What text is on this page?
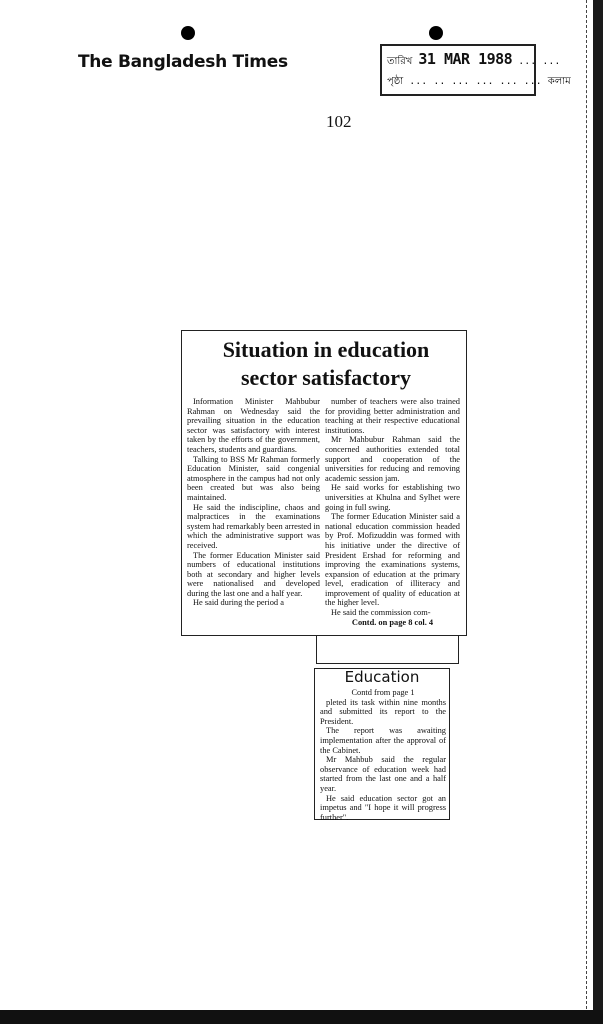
The Bangladesh Times	তারিখ 31 MAR 1988 ... ...
পৃষ্ঠা ... .. ... ... ... ... কলাম
102
Situation in education
sector satisfactory

Information Minister Mahbubur Rahman on Wednesday said the prevailing situation in the education sector was satisfactory with interest taken by the efforts of the government, teachers, students and guardians.

Talking to BSS Mr Rahman formerly Education Minister, said congenial atmosphere in the campus had not only been created but was also being maintained.

He said the indiscipline, chaos and malpractices in the examinations system had remarkably been arrested in which the administrative support was received.

The former Education Minister said numbers of educational institutions both at secondary and higher levels were nationalised and developed during the last one and a half year.

He said during the period a

number of teachers were also trained for providing better administration and teaching at their respective educational institutions.

Mr Mahbubur Rahman said the concerned authorities extended total support and cooperation of the universities for reducing and removing academic session jam.

He said works for establishing two universities at Khulna and Sylhet were going in full swing.

The former Education Minister said a national education commission headed by Prof. Mofizuddin was formed with his initiative under the directive of President Ershad for reforming and improving the examinations systems, expansion of education at the primary level, eradication of illiteracy and improvement of quality of education at the higher level.

He said the commission com-

Contd. on page 8 col. 4

Education

Contd from page 1

pleted its task within nine months and submitted its report to the President.

The report was awaiting implementation after the approval of the Cabinet.

Mr Mahbub said the regular observance of education week had started from the last one and a half year.

He said education sector got an impetus and "I hope it will progress further".
